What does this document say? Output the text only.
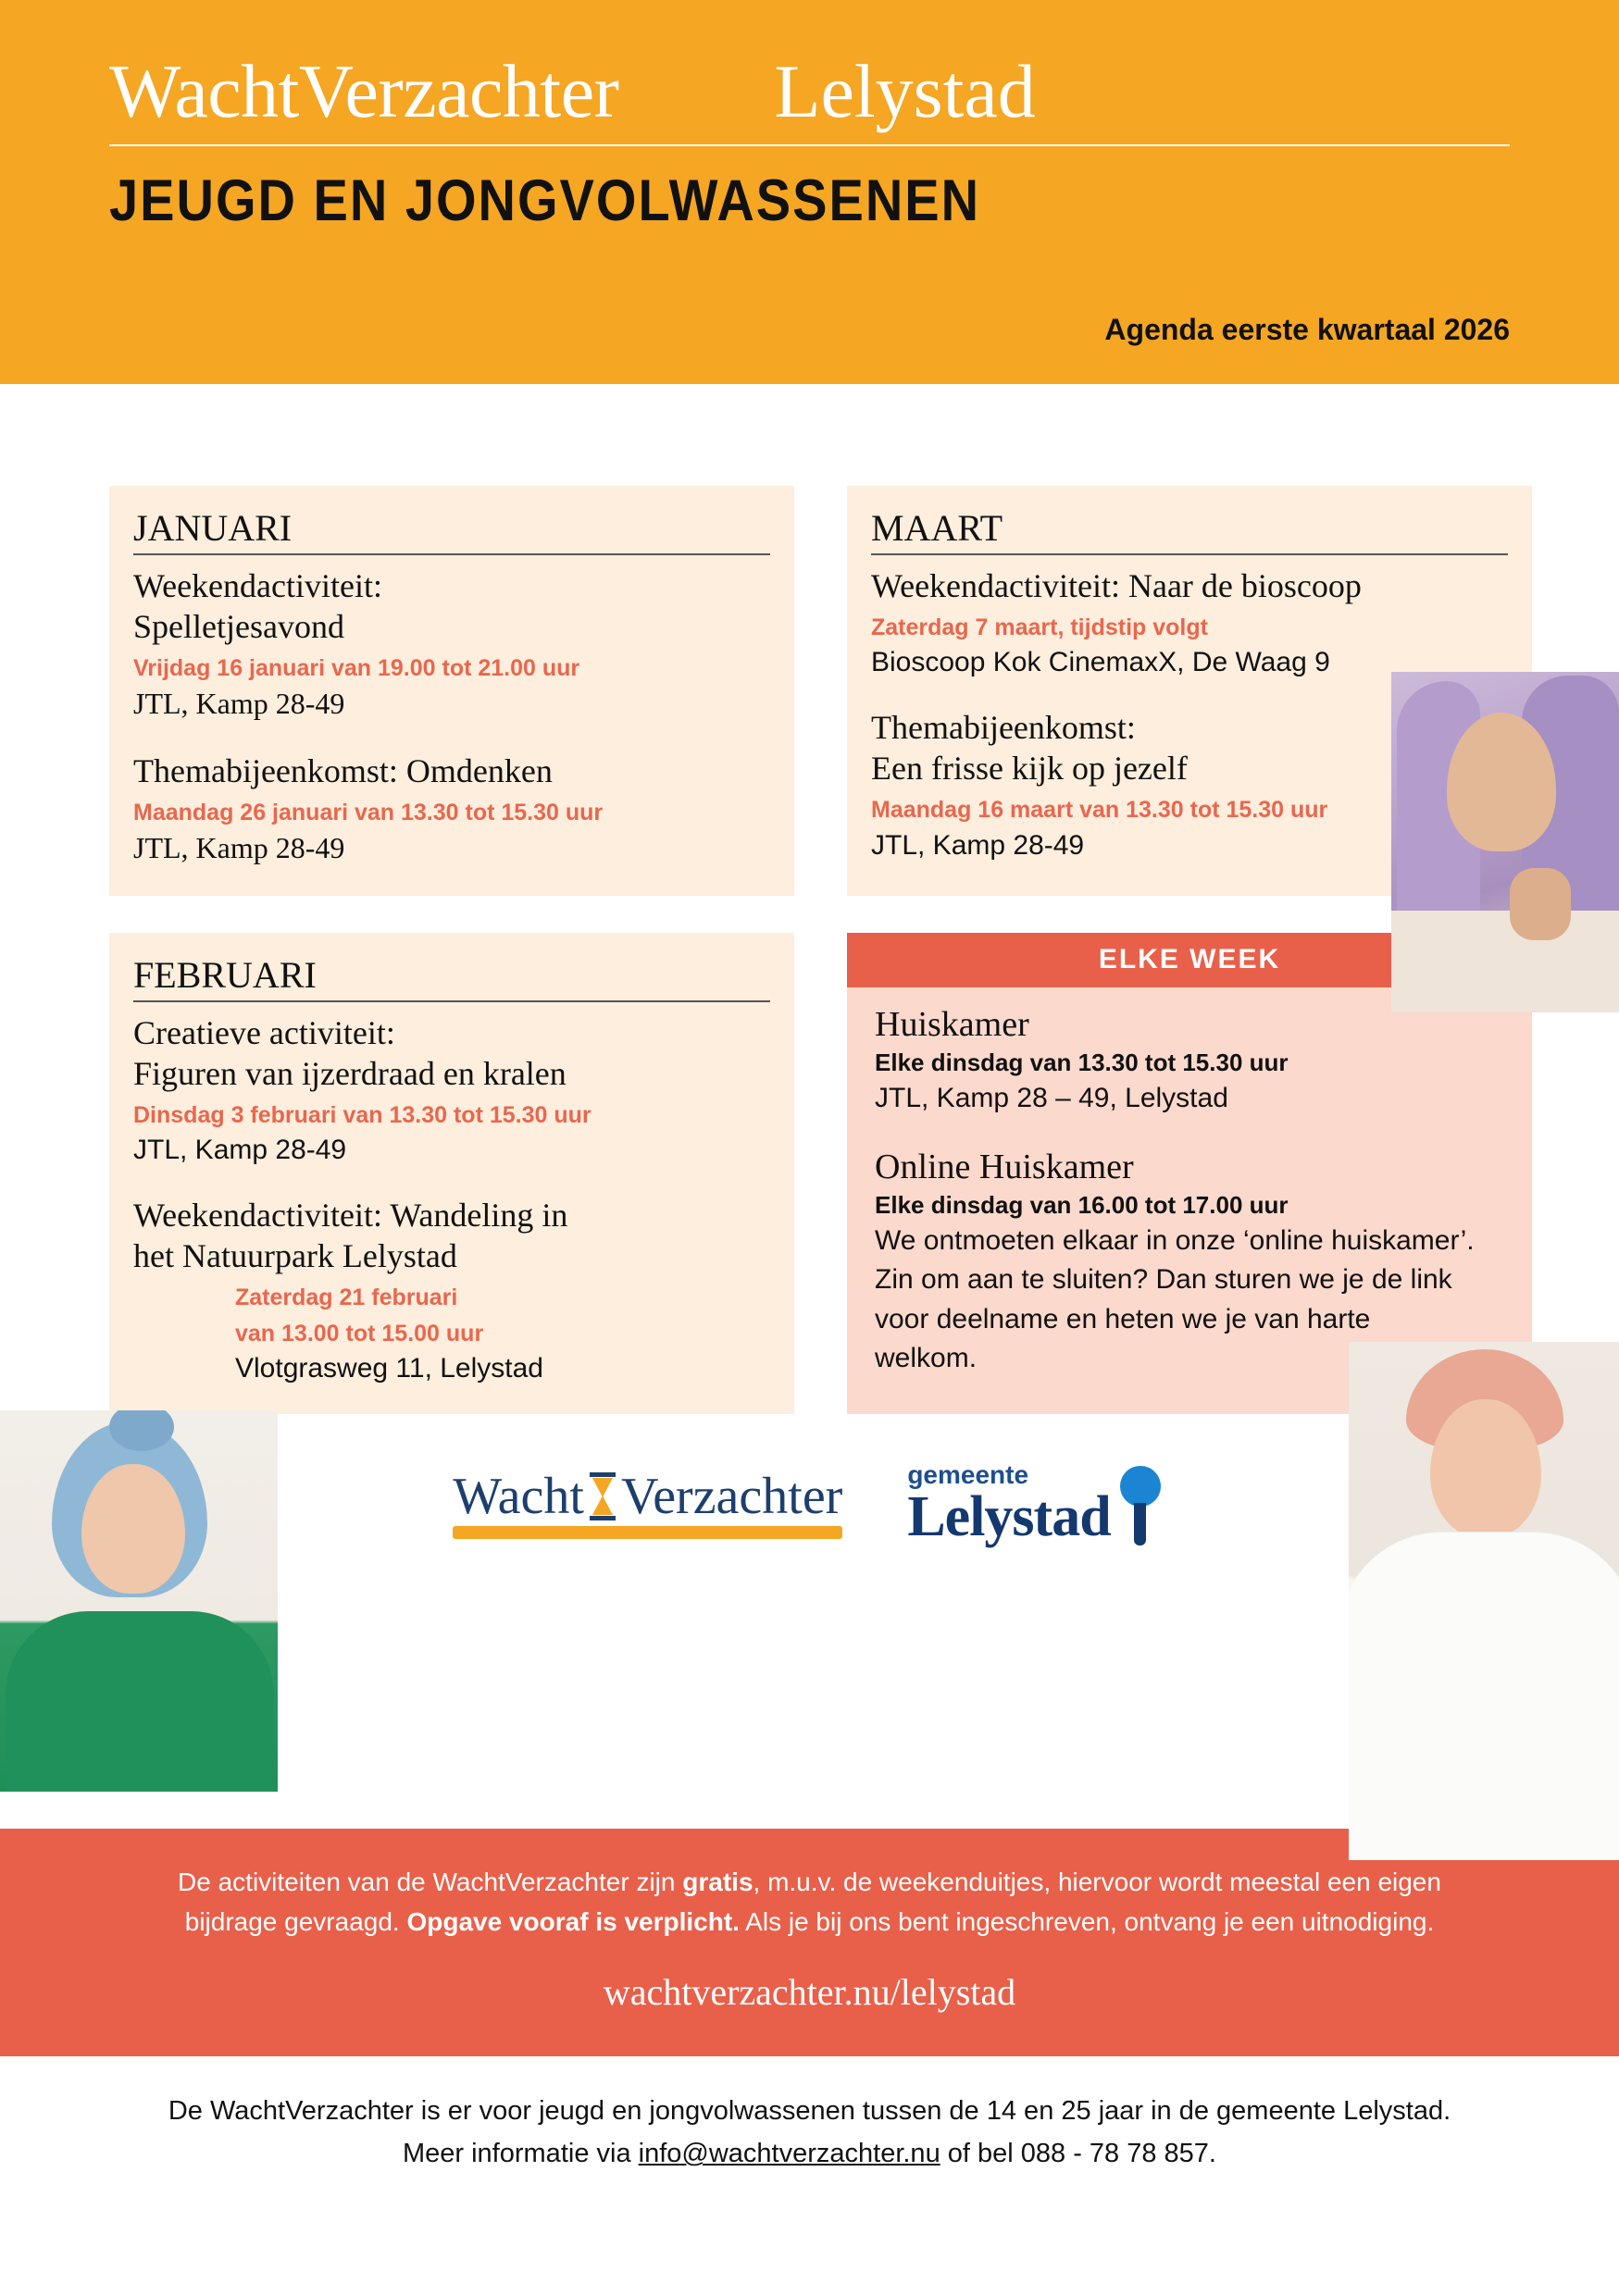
WachtVerzachter Lelystad
JEUGD EN JONGVOLWASSENEN
Agenda eerste kwartaal 2026
JANUARI
Weekendactiviteit:
Spelletjesavond
Vrijdag 16 januari van 19.00 tot 21.00 uur
JTL, Kamp 28-49
Themabijeenkomst: Omdenken
Maandag 26 januari van 13.30 tot 15.30 uur
JTL, Kamp 28-49
MAART
Weekendactiviteit: Naar de bioscoop
Zaterdag 7 maart, tijdstip volgt
Bioscoop Kok CinemaxX, De Waag 9
Themabijeenkomst:
Een frisse kijk op jezelf
Maandag 16 maart van 13.30 tot 15.30 uur
JTL, Kamp 28-49
FEBRUARI
Creatieve activiteit:
Figuren van ijzerdraad en kralen
Dinsdag 3 februari van 13.30 tot 15.30 uur
JTL, Kamp 28-49
Weekendactiviteit: Wandeling in
het Natuurpark Lelystad
Zaterdag 21 februari
van 13.00 tot 15.00 uur
Vlotgrasweg 11, Lelystad
ELKE WEEK
Huiskamer
Elke dinsdag van 13.30 tot 15.30 uur
JTL, Kamp 28 – 49, Lelystad
Online Huiskamer
Elke dinsdag van 16.00 tot 17.00 uur
We ontmoeten elkaar in onze ‘online huiskamer’. Zin om aan te sluiten? Dan sturen we je de link voor deelname en heten we je van harte welkom.
Wacht Verzachter	gemeente
Lelystad

De activiteiten van de WachtVerzachter zijn gratis, m.u.v. de weekenduitjes, hiervoor wordt meestal een eigen

bijdrage gevraagd. Opgave vooraf is verplicht. Als je bij ons bent ingeschreven, ontvang je een uitnodiging.

wachtverzachter.nu/lelystad
De WachtVerzachter is er voor jeugd en jongvolwassenen tussen de 14 en 25 jaar in de gemeente Lelystad.
Meer informatie via info@wachtverzachter.nu of bel 088 - 78 78 857.
